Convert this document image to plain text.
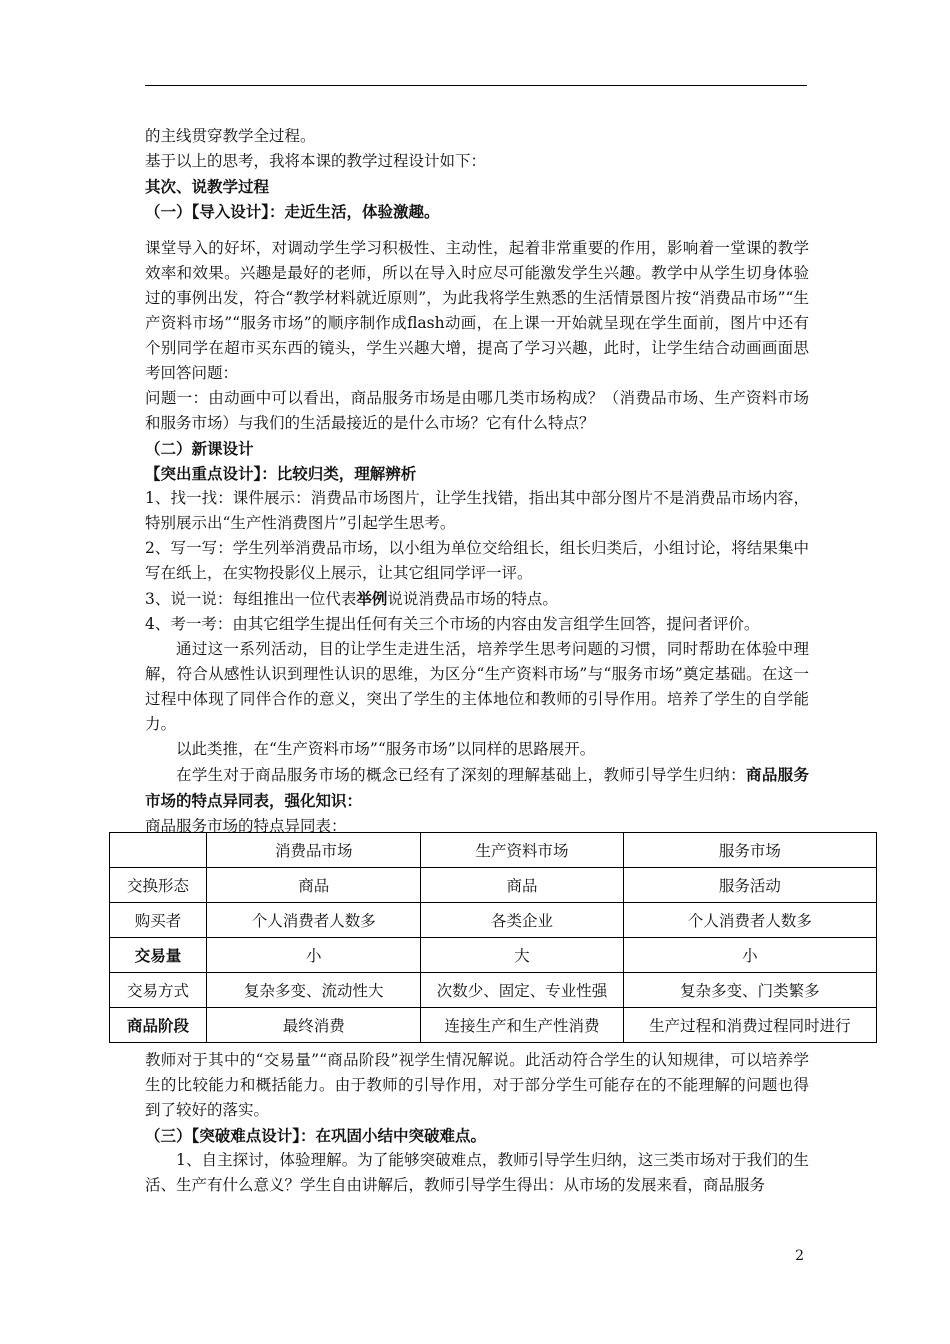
的主线贯穿教学全过程。

基于以上的思考，我将本课的教学过程设计如下：

其次、说教学过程

（一）【导入设计】：走近生活，体验激趣。

课堂导入的好坏，对调动学生学习积极性、主动性，起着非常重要的作用，影响着一堂课的教学效率和效果。兴趣是最好的老师，所以在导入时应尽可能激发学生兴趣。教学中从学生切身体验过的事例出发，符合“教学材料就近原则”，为此我将学生熟悉的生活情景图片按“消费品市场”“生产资料市场”“服务市场”的顺序制作成flash动画，在上课一开始就呈现在学生面前，图片中还有个别同学在超市买东西的镜头，学生兴趣大增，提高了学习兴趣，此时，让学生结合动画画面思考回答问题：

问题一：由动画中可以看出，商品服务市场是由哪几类市场构成？（消费品市场、生产资料市场和服务市场）与我们的生活最接近的是什么市场？它有什么特点？

（二）新课设计

【突出重点设计】：比较归类，理解辨析

1、找一找：课件展示：消费品市场图片，让学生找错，指出其中部分图片不是消费品市场内容，特别展示出“生产性消费图片”引起学生思考。

2、写一写：学生列举消费品市场，以小组为单位交给组长，组长归类后，小组讨论，将结果集中写在纸上，在实物投影仪上展示，让其它组同学评一评。

3、说一说：每组推出一位代表举例说说消费品市场的特点。

4、考一考：由其它组学生提出任何有关三个市场的内容由发言组学生回答，提问者评价。

通过这一系列活动，目的让学生走进生活，培养学生思考问题的习惯，同时帮助在体验中理解，符合从感性认识到理性认识的思维，为区分“生产资料市场”与“服务市场”奠定基础。在这一过程中体现了同伴合作的意义，突出了学生的主体地位和教师的引导作用。培养了学生的自学能力。

以此类推，在“生产资料市场”“服务市场”以同样的思路展开。

在学生对于商品服务市场的概念已经有了深刻的理解基础上，教师引导学生归纳：商品服务市场的特点异同表，强化知识：

商品服务市场的特点异同表：

	消费品市场	生产资料市场	服务市场
交换形态	商品	商品	服务活动
购买者	个人消费者人数多	各类企业	个人消费者人数多
交易量	小	大	小
交易方式	复杂多变、流动性大	次数少、固定、专业性强	复杂多变、门类繁多
商品阶段	最终消费	连接生产和生产性消费	生产过程和消费过程同时进行

教师对于其中的“交易量”“商品阶段”视学生情况解说。此活动符合学生的认知规律，可以培养学生的比较能力和概括能力。由于教师的引导作用，对于部分学生可能存在的不能理解的问题也得到了较好的落实。

（三）【突破难点设计】：在巩固小结中突破难点。

1、自主探讨，体验理解。为了能够突破难点，教师引导学生归纳，这三类市场对于我们的生活、生产有什么意义？学生自由讲解后，教师引导学生得出：从市场的发展来看，商品服务

2
